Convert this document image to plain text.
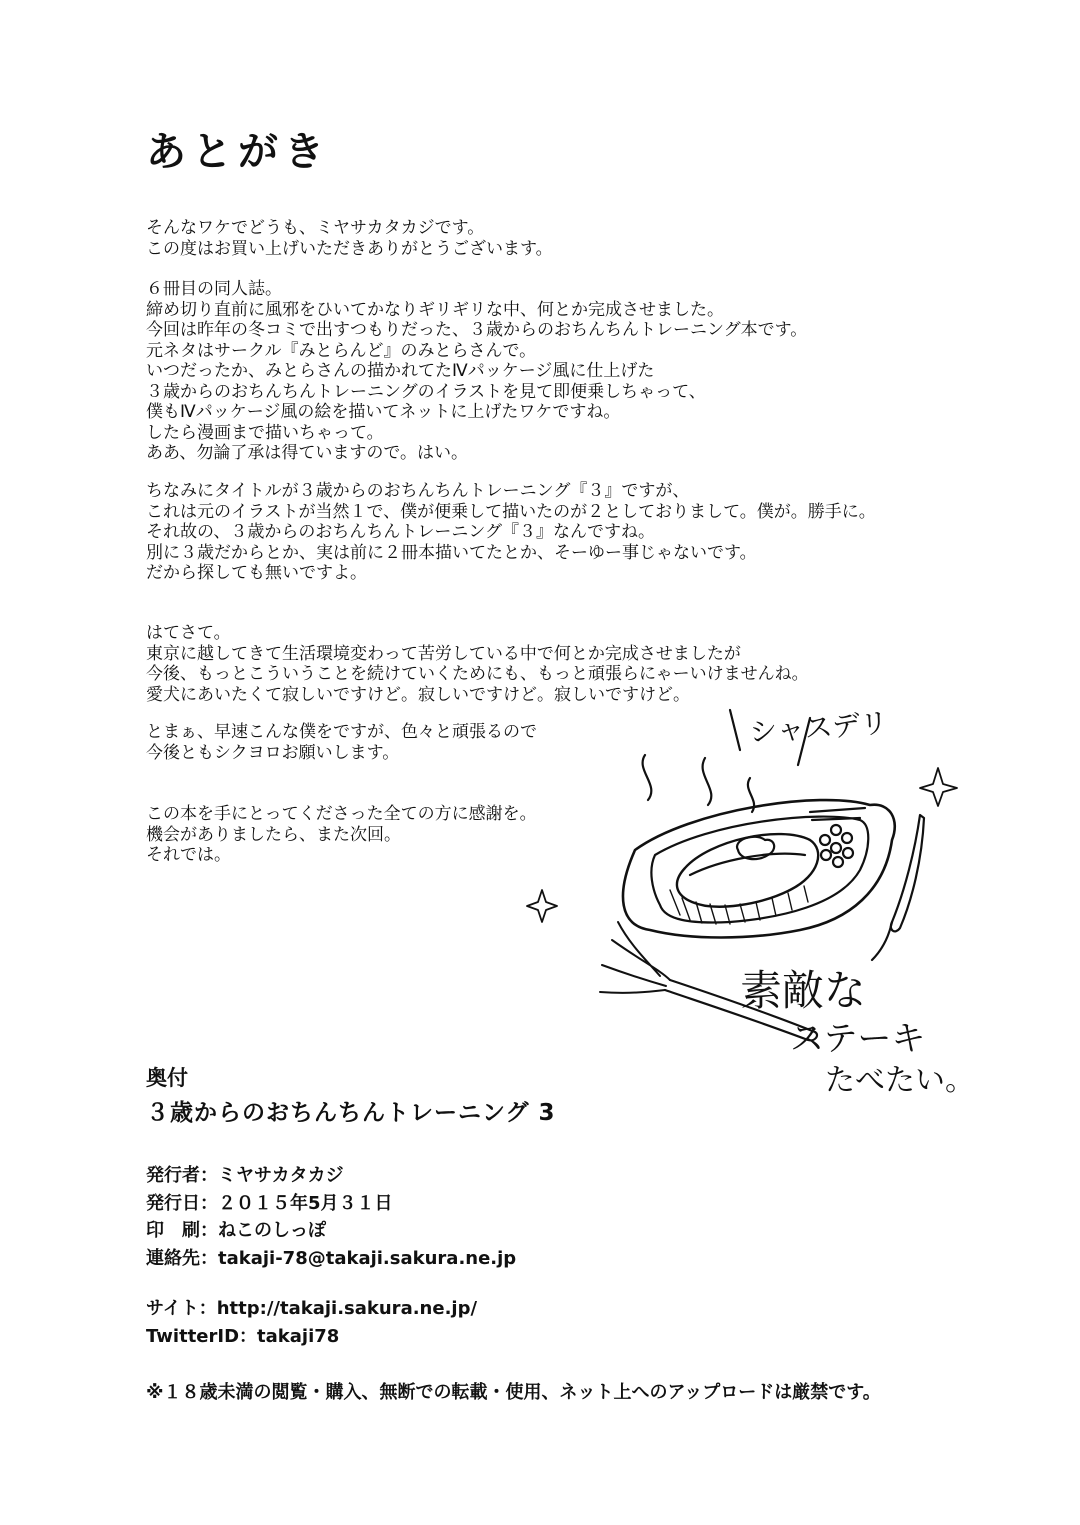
あとがき
そんなワケでどうも、ミヤサカタカジです。
この度はお買い上げいただきありがとうございます。
６冊目の同人誌。
締め切り直前に風邪をひいてかなりギリギリな中、何とか完成させました。
今回は昨年の冬コミで出すつもりだった、３歳からのおちんちんトレーニング本です。
元ネタはサークル『みとらんど』のみとらさんで。
いつだったか、みとらさんの描かれてたⅣパッケージ風に仕上げた
３歳からのおちんちんトレーニングのイラストを見て即便乗しちゃって、
僕もⅣパッケージ風の絵を描いてネットに上げたワケですね。
したら漫画まで描いちゃって。
ああ、勿論了承は得ていますので。はい。
ちなみにタイトルが３歳からのおちんちんトレーニング『３』ですが、
これは元のイラストが当然１で、僕が便乗して描いたのが２としておりまして。僕が。勝手に。
それ故の、３歳からのおちんちんトレーニング『３』なんですね。
別に３歳だからとか、実は前に２冊本描いてたとか、そーゆー事じゃないです。
だから探しても無いですよ。
はてさて。
東京に越してきて生活環境変わって苦労している中で何とか完成させましたが
今後、もっとこういうことを続けていくためにも、もっと頑張らにゃーいけませんね。
愛犬にあいたくて寂しいですけど。寂しいですけど。寂しいですけど。
とまぁ、早速こんな僕をですが、色々と頑張るので
今後ともシクヨロお願いします。
この本を手にとってくださった全ての方に感謝を。
機会がありましたら、また次回。
それでは。
シャスデリ
素敵な
ステーキ
たべたい。
奥付
３歳からのおちんちんトレーニング 3
発行者：ミヤサカタカジ
発行日：２０１５年5月３１日
印　刷：ねこのしっぽ
連絡先：takaji-78@takaji.sakura.ne.jp
サイト：http://takaji.sakura.ne.jp/
TwitterID：takaji78
※１８歳未満の閲覧・購入、無断での転載・使用、ネット上へのアップロードは厳禁です。
